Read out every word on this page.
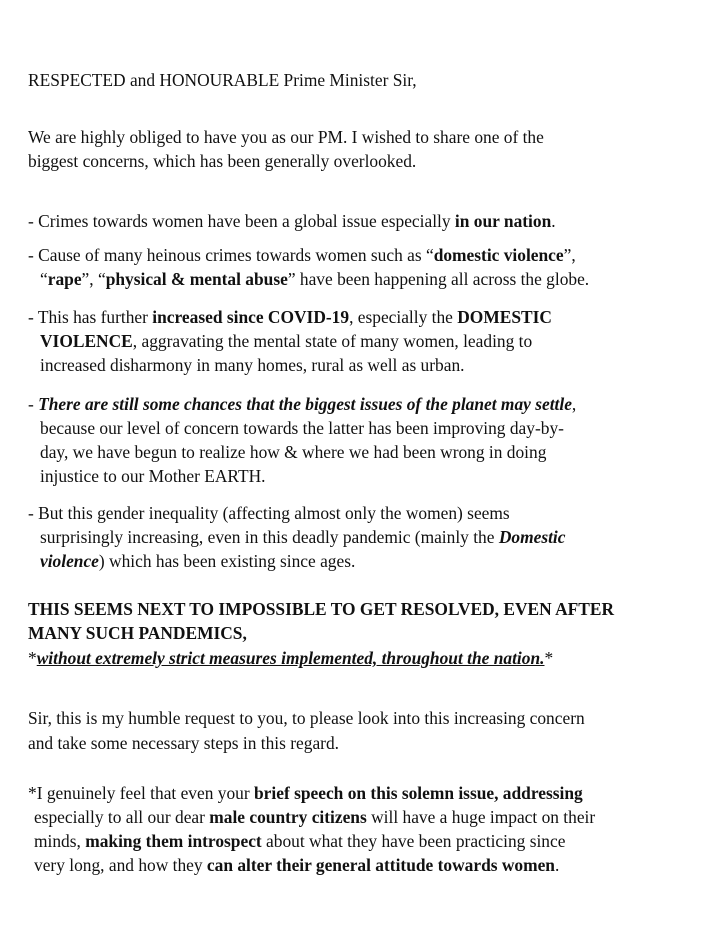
RESPECTED and HONOURABLE Prime Minister Sir,
We are highly obliged to have you as our PM. I wished to share one of the
biggest concerns, which has been generally overlooked.
- Crimes towards women have been a global issue especially in our nation.
- Cause of many heinous crimes towards women such as “domestic violence”,
“rape”, “physical & mental abuse” have been happening all across the globe.
- This has further increased since COVID-19, especially the DOMESTIC
VIOLENCE, aggravating the mental state of many women, leading to
increased disharmony in many homes, rural as well as urban.
- There are still some chances that the biggest issues of the planet may settle,
because our level of concern towards the latter has been improving day-by-
day, we have begun to realize how & where we had been wrong in doing
injustice to our Mother EARTH.
- But this gender inequality (affecting almost only the women) seems
surprisingly increasing, even in this deadly pandemic (mainly the Domestic
violence) which has been existing since ages.
THIS SEEMS NEXT TO IMPOSSIBLE TO GET RESOLVED, EVEN AFTER
MANY SUCH PANDEMICS,
*without extremely strict measures implemented, throughout the nation.*
Sir, this is my humble request to you, to please look into this increasing concern
and take some necessary steps in this regard.
*I genuinely feel that even your brief speech on this solemn issue, addressing
especially to all our dear male country citizens will have a huge impact on their
minds, making them introspect about what they have been practicing since
very long, and how they can alter their general attitude towards women.
